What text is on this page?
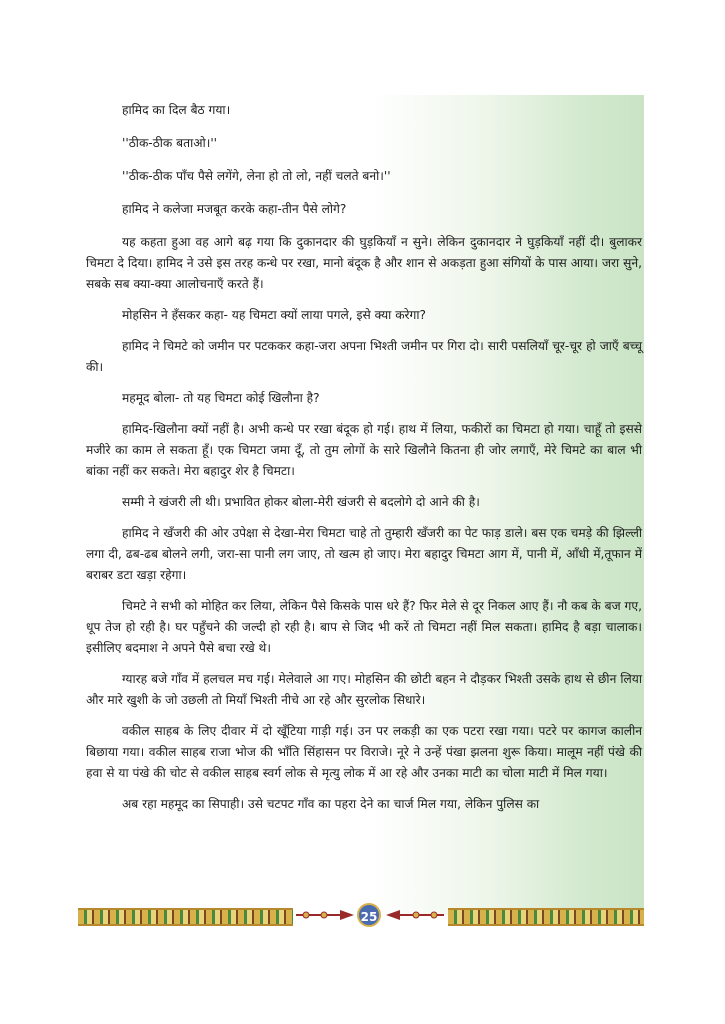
हामिद का दिल बैठ गया।

''ठीक-ठीक बताओ।''

''ठीक-ठीक पाँच पैसे लगेंगे, लेना हो तो लो, नहीं चलते बनो।''

हामिद ने कलेजा मजबूत करके कहा-तीन पैसे लोगे?

यह कहता हुआ वह आगे बढ़ गया कि दुकानदार की घुड़कियाँ न सुने। लेकिन दुकानदार ने घुड़कियाँ नहीं दी। बुलाकर चिमटा दे दिया। हामिद ने उसे इस तरह कन्धे पर रखा, मानो बंदूक है और शान से अकड़ता हुआ संगियों के पास आया। जरा सुने, सबके सब क्या-क्या आलोचनाएँ करते हैं।

मोहसिन ने हँसकर कहा- यह चिमटा क्यों लाया पगले, इसे क्या करेगा?

हामिद ने चिमटे को जमीन पर पटककर कहा-जरा अपना भिश्ती जमीन पर गिरा दो। सारी पसलियाँ चूर-चूर हो जाएँ बच्चू की।

महमूद बोला- तो यह चिमटा कोई खिलौना है?

हामिद-खिलौना क्यों नहीं है। अभी कन्धे पर रखा बंदूक हो गई। हाथ में लिया, फकीरों का चिमटा हो गया। चाहूँ तो इससे मजीरे का काम ले सकता हूँ। एक चिमटा जमा दूँ, तो तुम लोगों के सारे खिलौने कितना ही जोर लगाएँ, मेरे चिमटे का बाल भी बांका नहीं कर सकते। मेरा बहादुर शेर है चिमटा।

सम्मी ने खंजरी ली थी। प्रभावित होकर बोला-मेरी खंजरी से बदलोगे दो आने की है।

हामिद ने खँजरी की ओर उपेक्षा से देखा-मेरा चिमटा चाहे तो तुम्हारी खँजरी का पेट फाड़ डाले। बस एक चमड़े की झिल्ली लगा दी, ढब-ढब बोलने लगी, जरा-सा पानी लग जाए, तो खत्म हो जाए। मेरा बहादुर चिमटा आग में, पानी में, आँधी में,तूफान में बराबर डटा खड़ा रहेगा।

चिमटे ने सभी को मोहित कर लिया, लेकिन पैसे किसके पास धरे हैं? फिर मेले से दूर निकल आए हैं। नौ कब के बज गए, धूप तेज हो रही है। घर पहुँचने की जल्दी हो रही है। बाप से जिद भी करें तो चिमटा नहीं मिल सकता। हामिद है बड़ा चालाक। इसीलिए बदमाश ने अपने पैसे बचा रखे थे।

ग्यारह बजे गाँव में हलचल मच गई। मेलेवाले आ गए। मोहसिन की छोटी बहन ने दौड़कर भिश्ती उसके हाथ से छीन लिया और मारे खुशी के जो उछली तो मियाँ भिश्ती नीचे आ रहे और सुरलोक सिधारे।

वकील साहब के लिए दीवार में दो खूँटिया गाड़ी गई। उन पर लकड़ी का एक पटरा रखा गया। पटरे पर कागज कालीन बिछाया गया। वकील साहब राजा भोज की भाँति सिंहासन पर विराजे। नूरे ने उन्हें पंखा झलना शुरू किया। मालूम नहीं पंखे की हवा से या पंखे की चोट से वकील साहब स्वर्ग लोक से मृत्यु लोक में आ रहे और उनका माटी का चोला माटी में मिल गया।

अब रहा महमूद का सिपाही। उसे चटपट गाँव का पहरा देने का चार्ज मिल गया, लेकिन पुलिस का

25
